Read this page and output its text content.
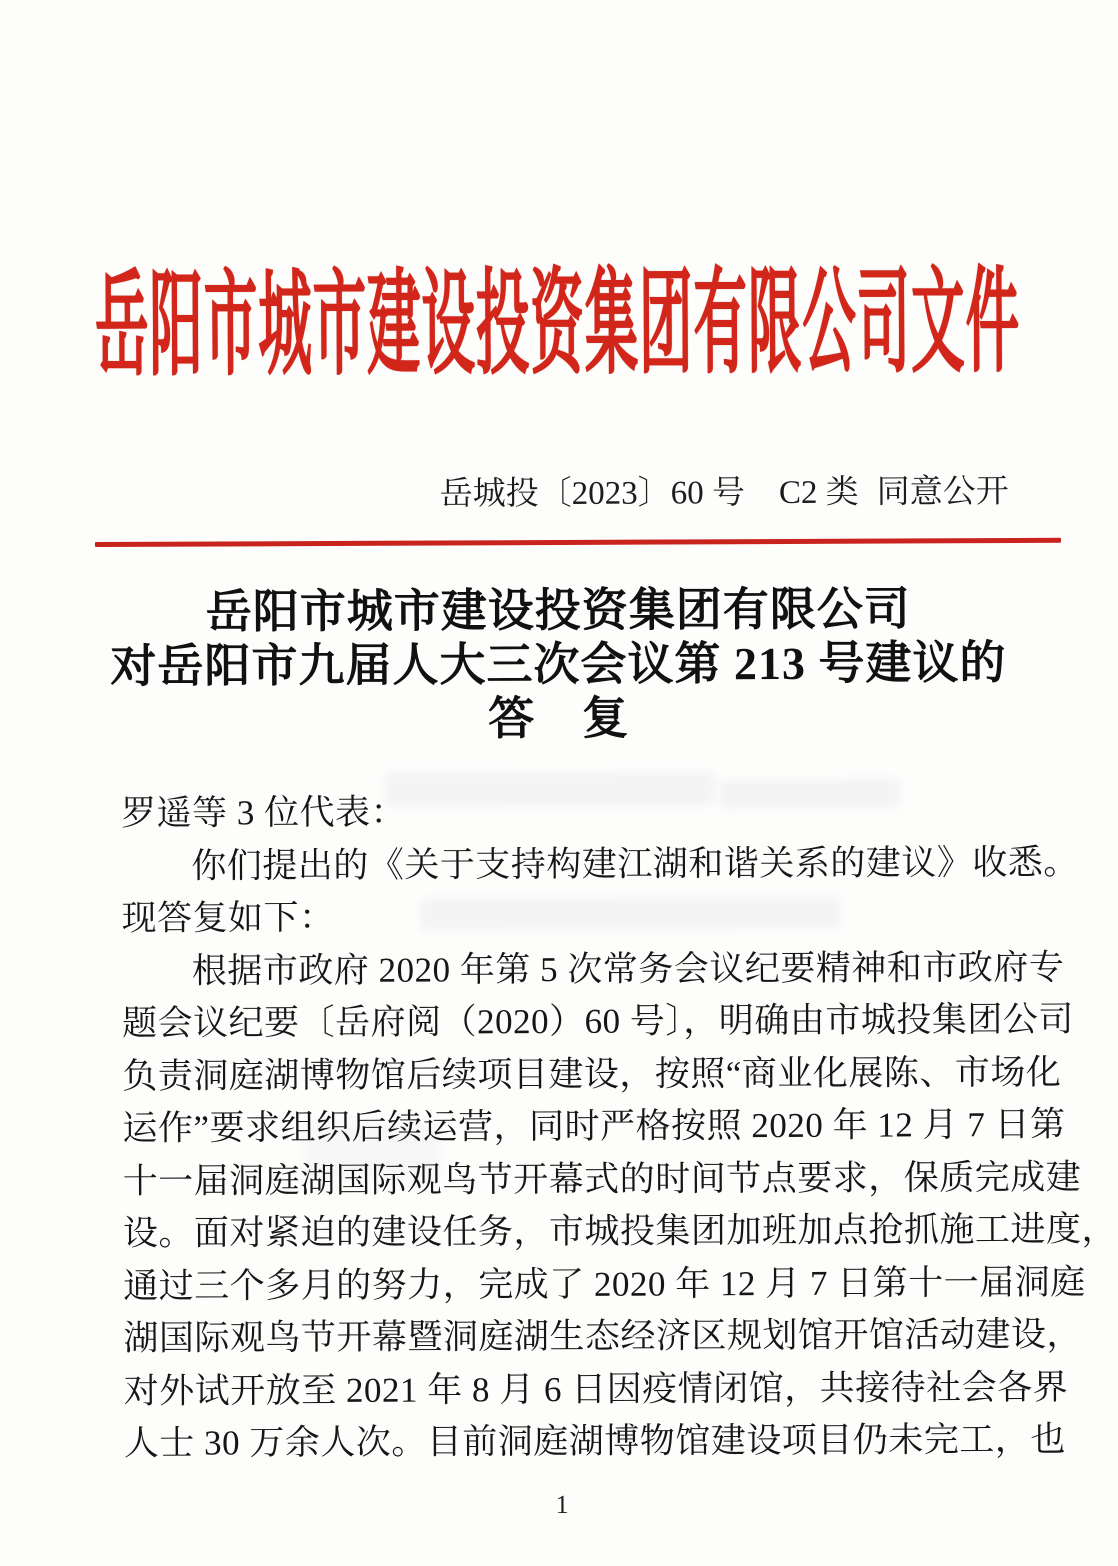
岳阳市城市建设投资集团有限公司文件
岳城投〔2023〕60 号 C2 类 同意公开
岳阳市城市建设投资集团有限公司
对岳阳市九届人大三次会议第 213 号建议的
答　复
罗遥等 3 位代表：
你们提出的《关于支持构建江湖和谐关系的建议》收悉。
现答复如下：
根据市政府 2020 年第 5 次常务会议纪要精神和市政府专
题会议纪要〔岳府阅（2020）60 号〕，明确由市城投集团公司
负责洞庭湖博物馆后续项目建设，按照“商业化展陈、市场化
运作”要求组织后续运营，同时严格按照 2020 年 12 月 7 日第
十一届洞庭湖国际观鸟节开幕式的时间节点要求，保质完成建
设。面对紧迫的建设任务，市城投集团加班加点抢抓施工进度，
通过三个多月的努力，完成了 2020 年 12 月 7 日第十一届洞庭
湖国际观鸟节开幕暨洞庭湖生态经济区规划馆开馆活动建设，
对外试开放至 2021 年 8 月 6 日因疫情闭馆，共接待社会各界
人士 30 万余人次。目前洞庭湖博物馆建设项目仍未完工，也
1
